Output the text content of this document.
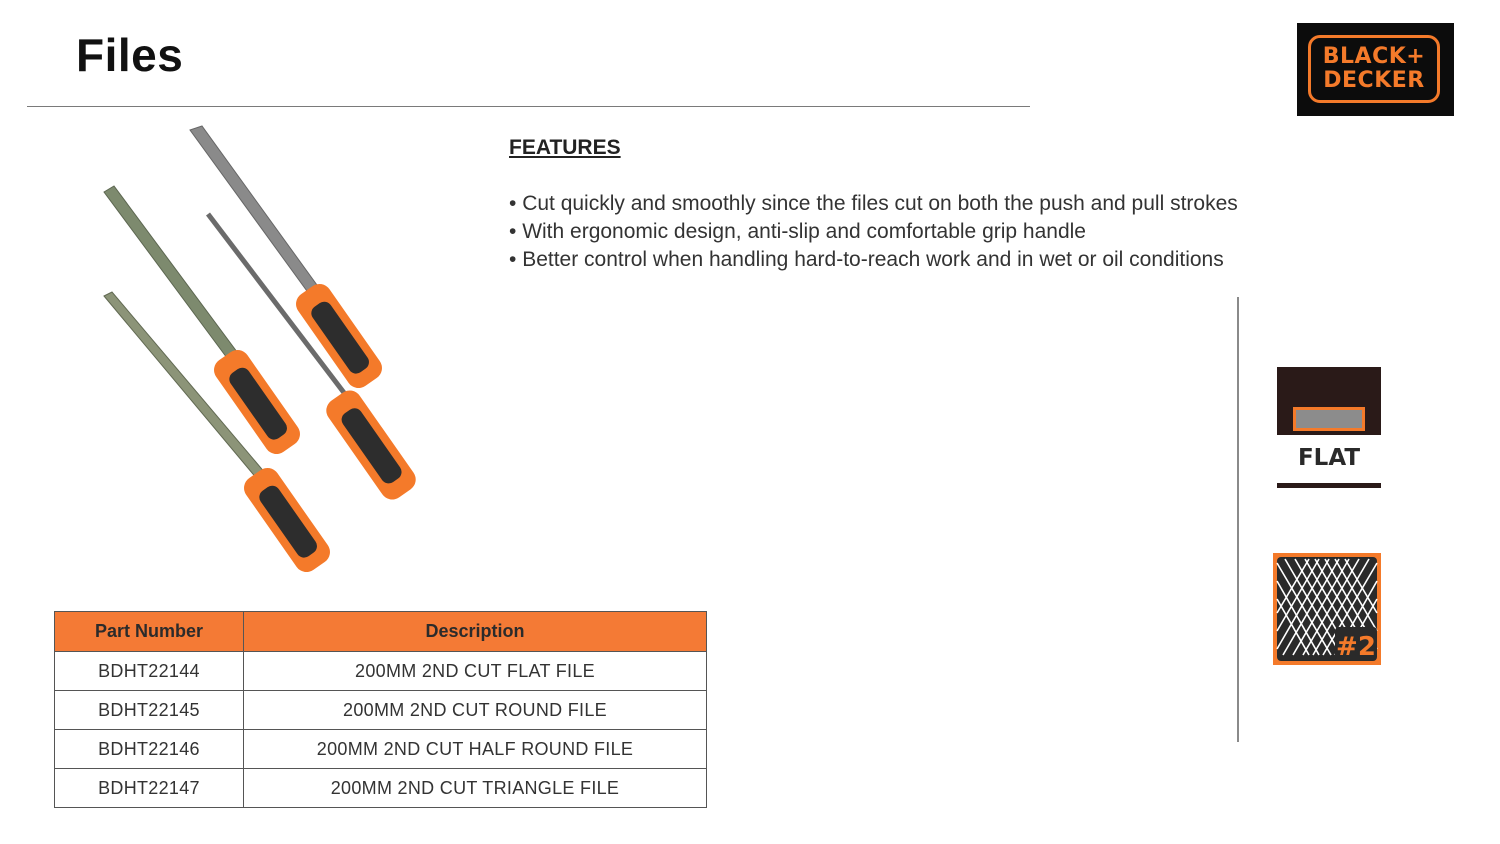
Files	BLACK+
DECKER
FEATURES
• Cut quickly and smoothly since the files cut on both the push and pull strokes
• With ergonomic design, anti-slip and comfortable grip handle
• Better control when handling hard-to-reach work and in wet or oil conditions
FLAT
#2
Part Number	Description
BDHT22144	200MM 2ND CUT FLAT FILE
BDHT22145	200MM 2ND CUT ROUND FILE
BDHT22146	200MM 2ND CUT HALF ROUND FILE
BDHT22147	200MM 2ND CUT TRIANGLE FILE
